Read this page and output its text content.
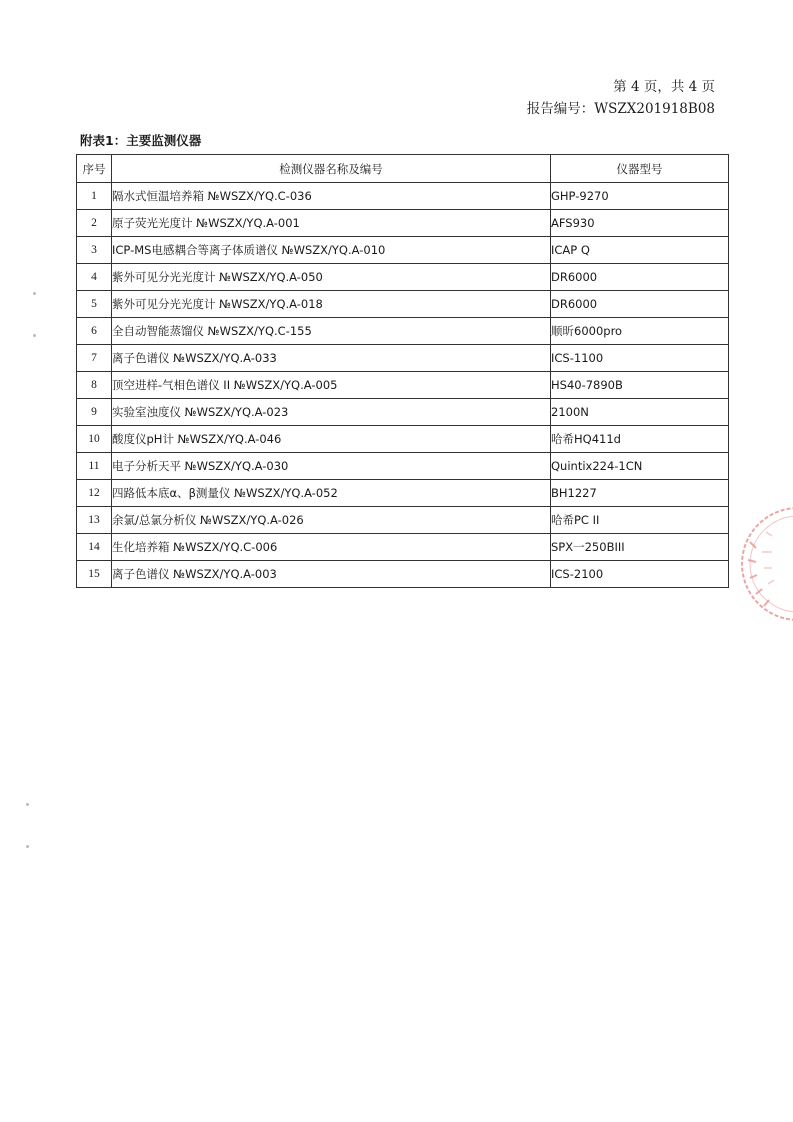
第 4 页，共 4 页
报告编号：WSZX201918B08
附表1：主要监测仪器
序号	检测仪器名称及编号	仪器型号
1	隔水式恒温培养箱 №WSZX/YQ.C-036	GHP-9270
2	原子荧光光度计 №WSZX/YQ.A-001	AFS930
3	ICP-MS电感耦合等离子体质谱仪 №WSZX/YQ.A-010	ICAP Q
4	紫外可见分光光度计 №WSZX/YQ.A-050	DR6000
5	紫外可见分光光度计 №WSZX/YQ.A-018	DR6000
6	全自动智能蒸馏仪 №WSZX/YQ.C-155	顺昕6000pro
7	离子色谱仪 №WSZX/YQ.A-033	ICS-1100
8	顶空进样-气相色谱仪 II №WSZX/YQ.A-005	HS40-7890B
9	实验室浊度仪 №WSZX/YQ.A-023	2100N
10	酸度仪pH计 №WSZX/YQ.A-046	哈希HQ411d
11	电子分析天平 №WSZX/YQ.A-030	Quintix224-1CN
12	四路低本底α、β测量仪 №WSZX/YQ.A-052	BH1227
13	余氯/总氯分析仪 №WSZX/YQ.A-026	哈希PC II
14	生化培养箱 №WSZX/YQ.C-006	SPX一250BIII
15	离子色谱仪 №WSZX/YQ.A-003	ICS-2100
